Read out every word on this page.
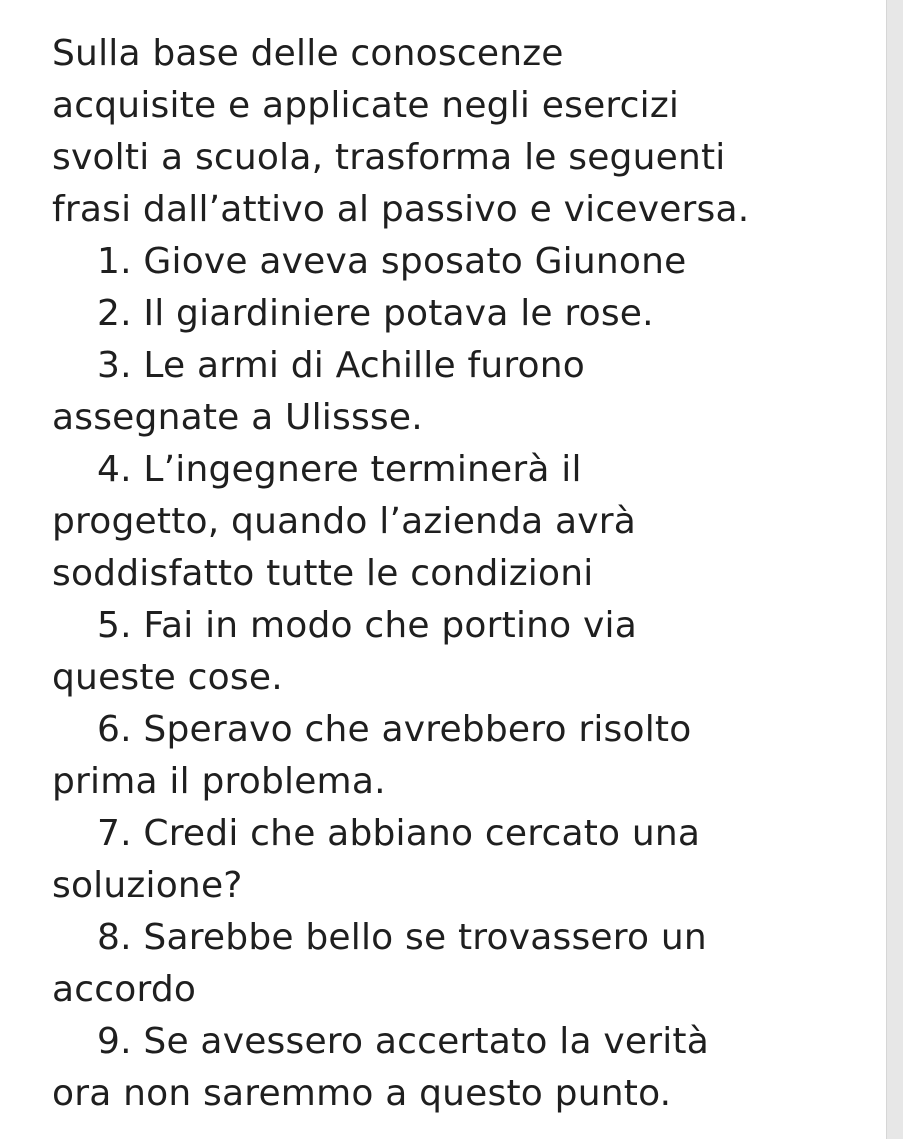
Sulla base delle conoscenze
acquisite e applicate negli esercizi
svolti a scuola, trasforma le seguenti
frasi dall’attivo al passivo e viceversa.
1. Giove aveva sposato Giunone
2. Il giardiniere potava le rose.
3. Le armi di Achille furono
assegnate a Ulissse.
4. L’ingegnere terminerà il
progetto, quando l’azienda avrà
soddisfatto tutte le condizioni
5. Fai in modo che portino via
queste cose.
6. Speravo che avrebbero risolto
prima il problema.
7. Credi che abbiano cercato una
soluzione?
8. Sarebbe bello se trovassero un
accordo
9. Se avessero accertato la verità
ora non saremmo a questo punto.
